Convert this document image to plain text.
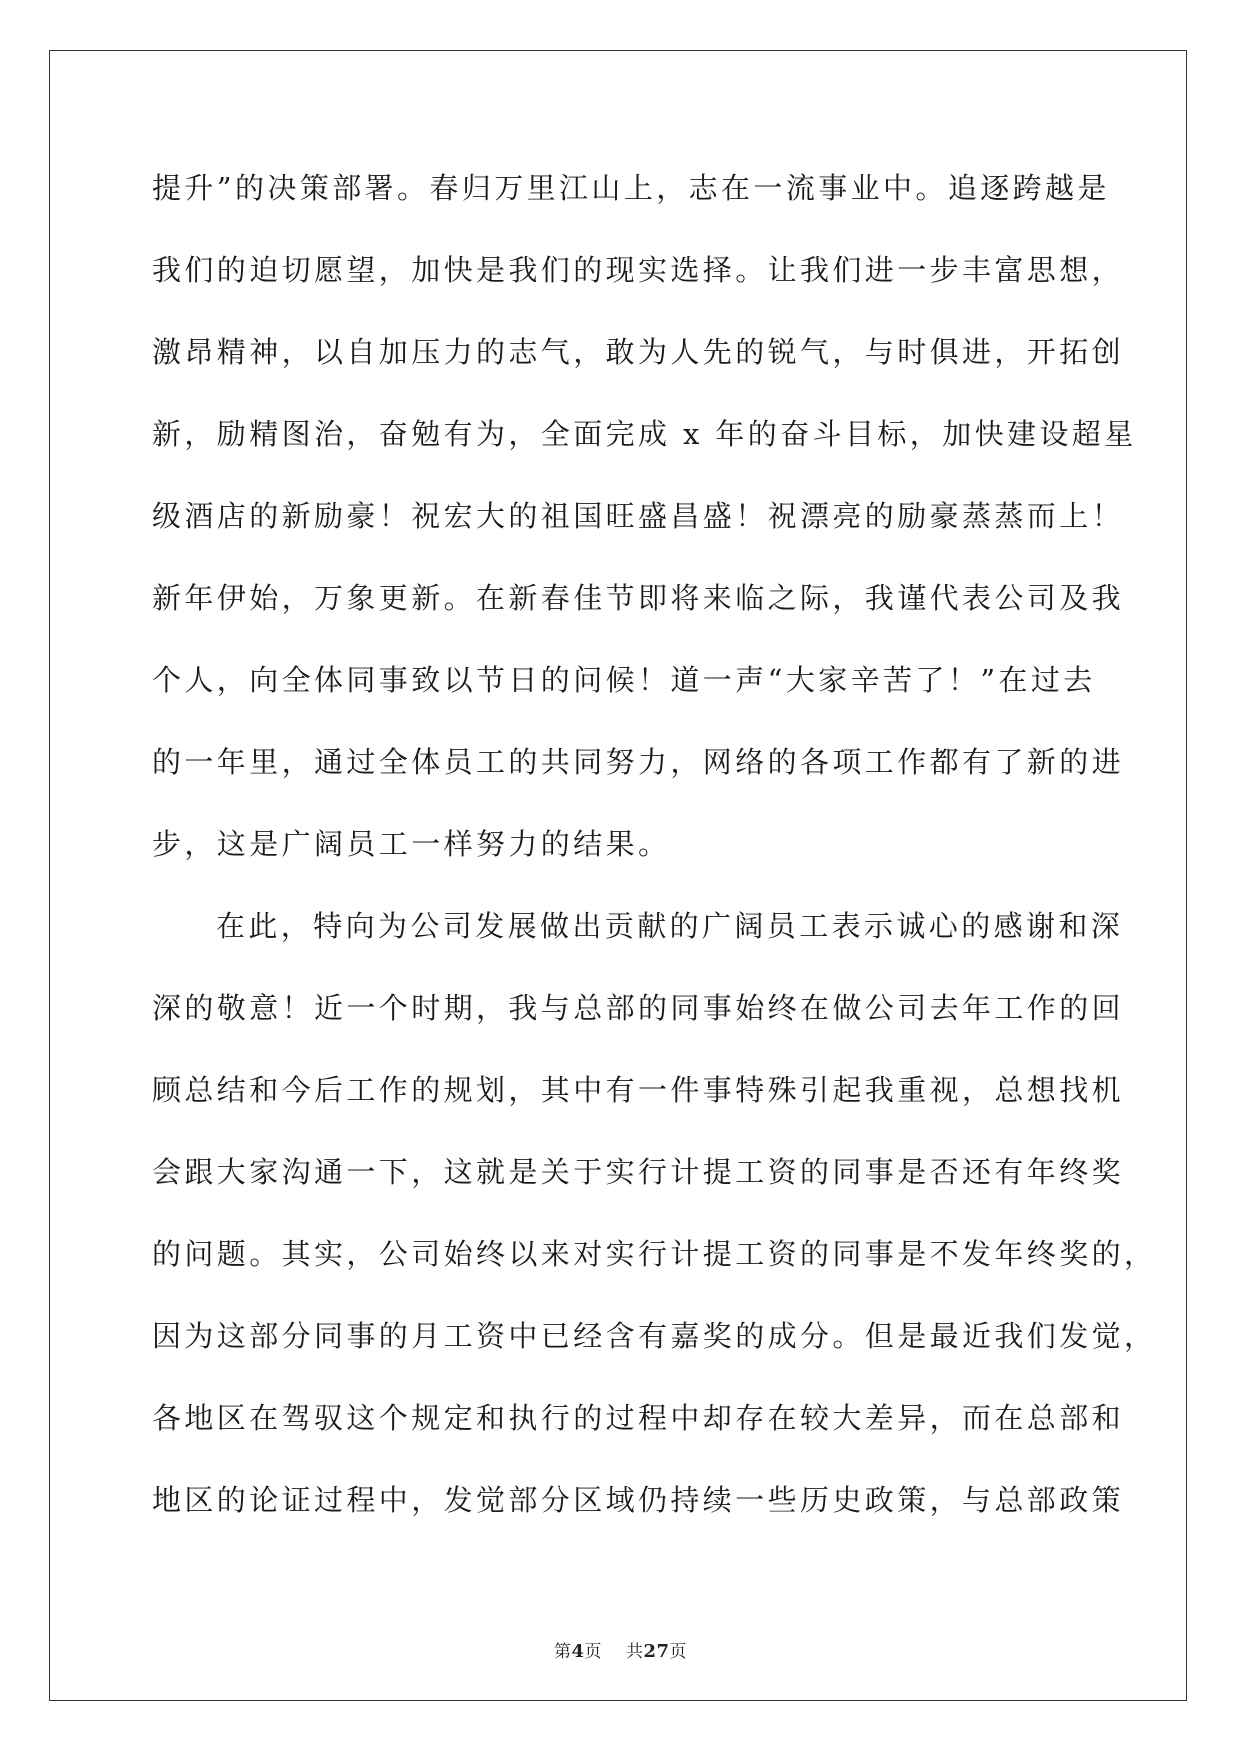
提升”的决策部署。春归万里江山上，志在一流事业中。追逐跨越是
我们的迫切愿望，加快是我们的现实选择。让我们进一步丰富思想，
激昂精神，以自加压力的志气，敢为人先的锐气，与时俱进，开拓创
新，励精图治，奋勉有为，全面完成 x 年的奋斗目标，加快建设超星
级酒店的新励豪！祝宏大的祖国旺盛昌盛！祝漂亮的励豪蒸蒸而上！
新年伊始，万象更新。在新春佳节即将来临之际，我谨代表公司及我
个人，向全体同事致以节日的问候！道一声“大家辛苦了！”在过去
的一年里，通过全体员工的共同努力，网络的各项工作都有了新的进
步，这是广阔员工一样努力的结果。
在此，特向为公司发展做出贡献的广阔员工表示诚心的感谢和深
深的敬意！近一个时期，我与总部的同事始终在做公司去年工作的回
顾总结和今后工作的规划，其中有一件事特殊引起我重视，总想找机
会跟大家沟通一下，这就是关于实行计提工资的同事是否还有年终奖
的问题。其实，公司始终以来对实行计提工资的同事是不发年终奖的，
因为这部分同事的月工资中已经含有嘉奖的成分。但是最近我们发觉，
各地区在驾驭这个规定和执行的过程中却存在较大差异，而在总部和
地区的论证过程中，发觉部分区域仍持续一些历史政策，与总部政策
第4页 共27页
